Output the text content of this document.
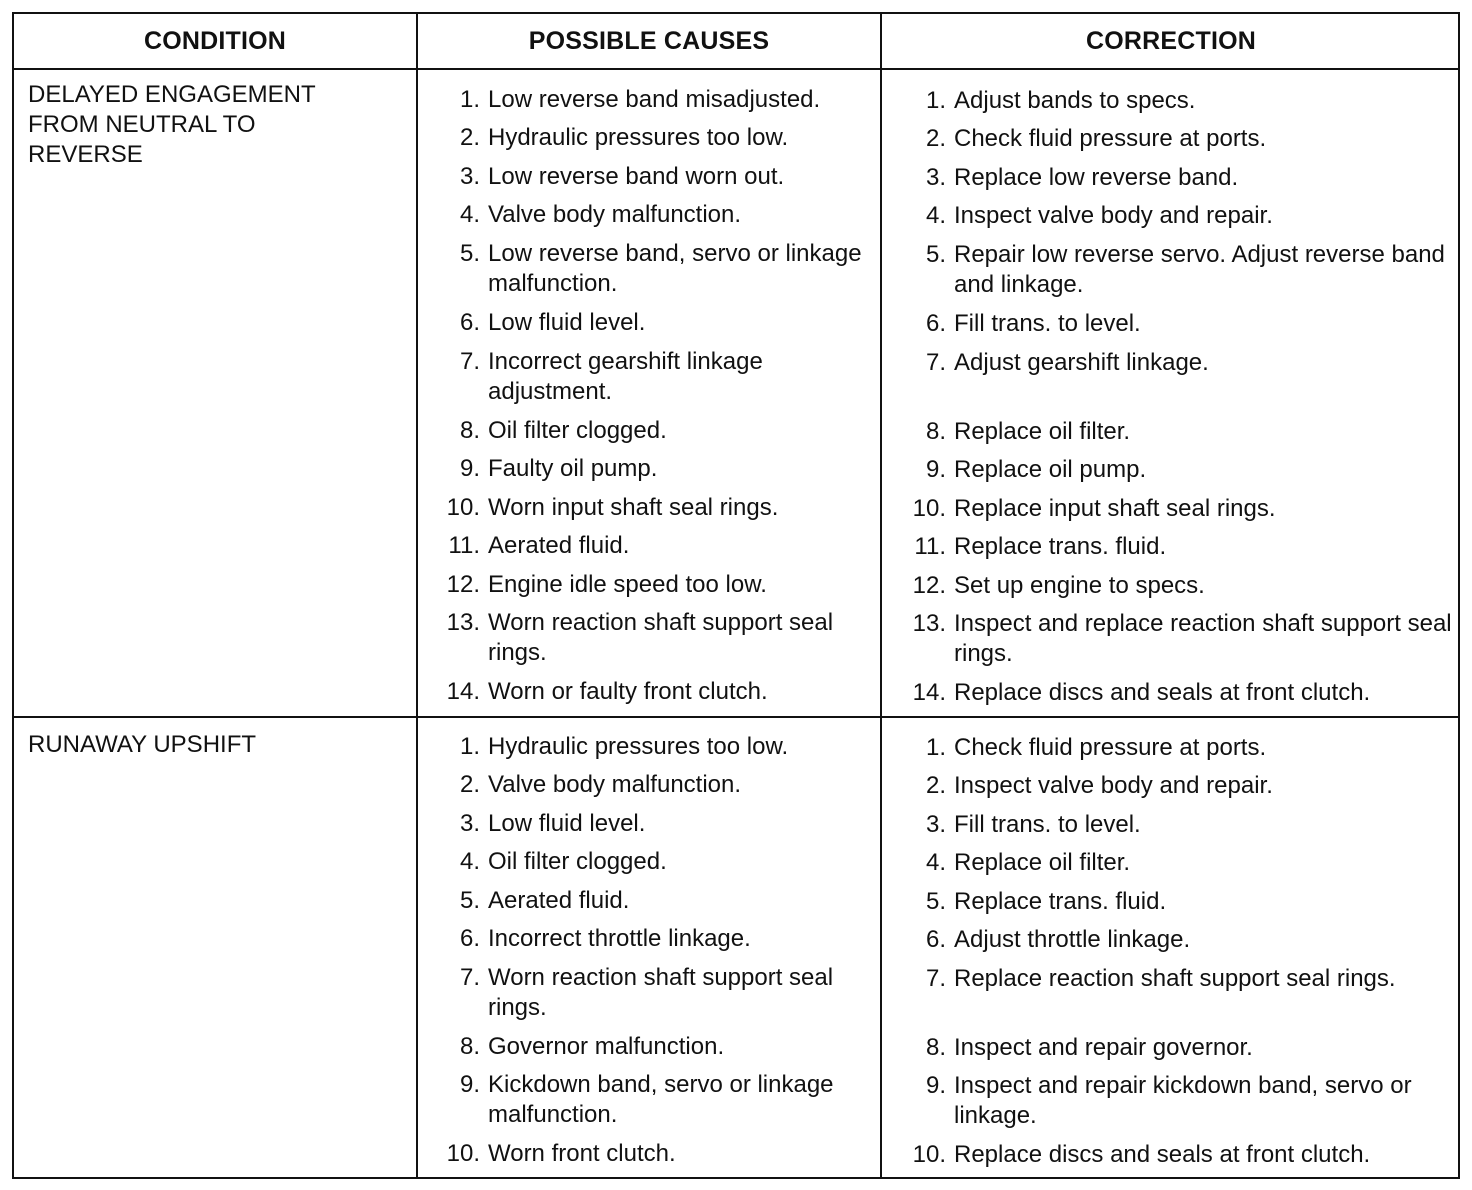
CONDITION	POSSIBLE CAUSES	CORRECTION
DELAYED ENGAGEMENT
FROM NEUTRAL TO
REVERSE
RUNAWAY UPSHIFT
1. Low reverse band misadjusted.
2. Hydraulic pressures too low.
3. Low reverse band worn out.
4. Valve body malfunction.
5. Low reverse band, servo or linkage malfunction.
6. Low fluid level.
7. Incorrect gearshift linkage adjustment.
8. Oil filter clogged.
9. Faulty oil pump.
10. Worn input shaft seal rings.
11. Aerated fluid.
12. Engine idle speed too low.
13. Worn reaction shaft support seal rings.
14. Worn or faulty front clutch.
1. Adjust bands to specs.
2. Check fluid pressure at ports.
3. Replace low reverse band.
4. Inspect valve body and repair.
5. Repair low reverse servo. Adjust reverse band and linkage.
6. Fill trans. to level.
7. Adjust gearshift linkage.
8. Replace oil filter.
9. Replace oil pump.
10. Replace input shaft seal rings.
11. Replace trans. fluid.
12. Set up engine to specs.
13. Inspect and replace reaction shaft support seal rings.
14. Replace discs and seals at front clutch.
1. Hydraulic pressures too low.
2. Valve body malfunction.
3. Low fluid level.
4. Oil filter clogged.
5. Aerated fluid.
6. Incorrect throttle linkage.
7. Worn reaction shaft support seal rings.
8. Governor malfunction.
9. Kickdown band, servo or linkage malfunction.
10. Worn front clutch.
1. Check fluid pressure at ports.
2. Inspect valve body and repair.
3. Fill trans. to level.
4. Replace oil filter.
5. Replace trans. fluid.
6. Adjust throttle linkage.
7. Replace reaction shaft support seal rings.
8. Inspect and repair governor.
9. Inspect and repair kickdown band, servo or linkage.
10. Replace discs and seals at front clutch.
